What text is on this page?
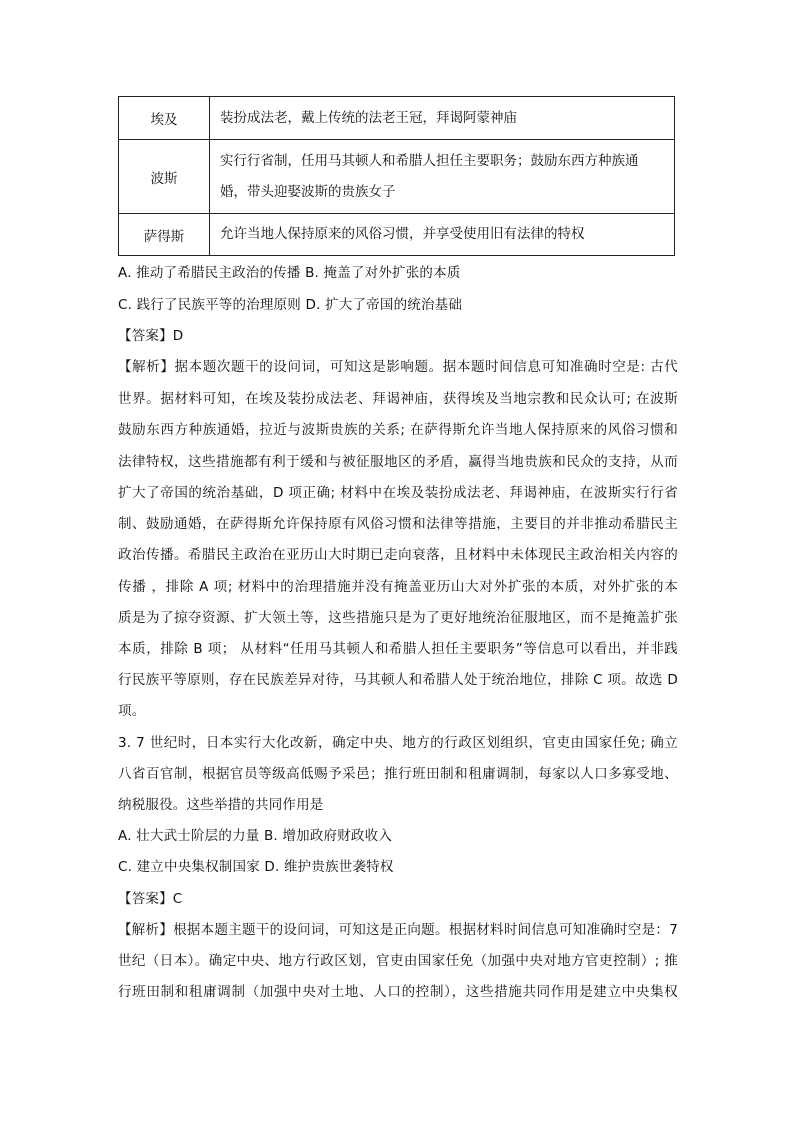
埃及	装扮成法老，戴上传统的法老王冠，拜谒阿蒙神庙

波斯	实行行省制，任用马其顿人和希腊人担任主要职务；鼓励东西方种族通
婚，带头迎娶波斯的贵族女子

萨得斯	允许当地人保持原来的风俗习惯，并享受使用旧有法律的特权
A. 推动了希腊民主政治的传播 B. 掩盖了对外扩张的本质
C. 践行了民族平等的治理原则 D. 扩大了帝国的统治基础
【答案】D
【解析】据本题次题干的设问词，可知这是影响题。据本题时间信息可知准确时空是: 古代
世界。据材料可知，在埃及装扮成法老、拜谒神庙，获得埃及当地宗教和民众认可; 在波斯
鼓励东西方种族通婚，拉近与波斯贵族的关系; 在萨得斯允许当地人保持原来的风俗习惯和
法律特权，这些措施都有利于缓和与被征服地区的矛盾，赢得当地贵族和民众的支持，从而
扩大了帝国的统治基础，D 项正确; 材料中在埃及装扮成法老、拜谒神庙，在波斯实行行省
制、鼓励通婚，在萨得斯允许保持原有风俗习惯和法律等措施，主要目的并非推动希腊民主
政治传播。希腊民主政治在亚历山大时期已走向衰落，且材料中未体现民主政治相关内容的
传播 ，排除 A 项; 材料中的治理措施并没有掩盖亚历山大对外扩张的本质，对外扩张的本
质是为了掠夺资源、扩大领土等，这些措施只是为了更好地统治征服地区，而不是掩盖扩张
本质，排除 B 项； 从材料“任用马其顿人和希腊人担任主要职务”等信息可以看出，并非践
行民族平等原则，存在民族差异对待，马其顿人和希腊人处于统治地位，排除 C 项。故选 D
项。
3. 7 世纪时，日本实行大化改新，确定中央、地方的行政区划组织，官吏由国家任免; 确立
八省百官制，根据官员等级高低赐予采邑；推行班田制和租庸调制，每家以人口多寡受地、
纳税服役。这些举措的共同作用是
A. 壮大武士阶层的力量 B. 增加政府财政收入
C. 建立中央集权制国家 D. 维护贵族世袭特权
【答案】C
【解析】根据本题主题干的设问词，可知这是正向题。根据材料时间信息可知准确时空是：7
世纪（日本）。确定中央、地方行政区划，官吏由国家任免（加强中央对地方官吏控制）; 推
行班田制和租庸调制（加强中央对土地、人口的控制），这些措施共同作用是建立中央集权
